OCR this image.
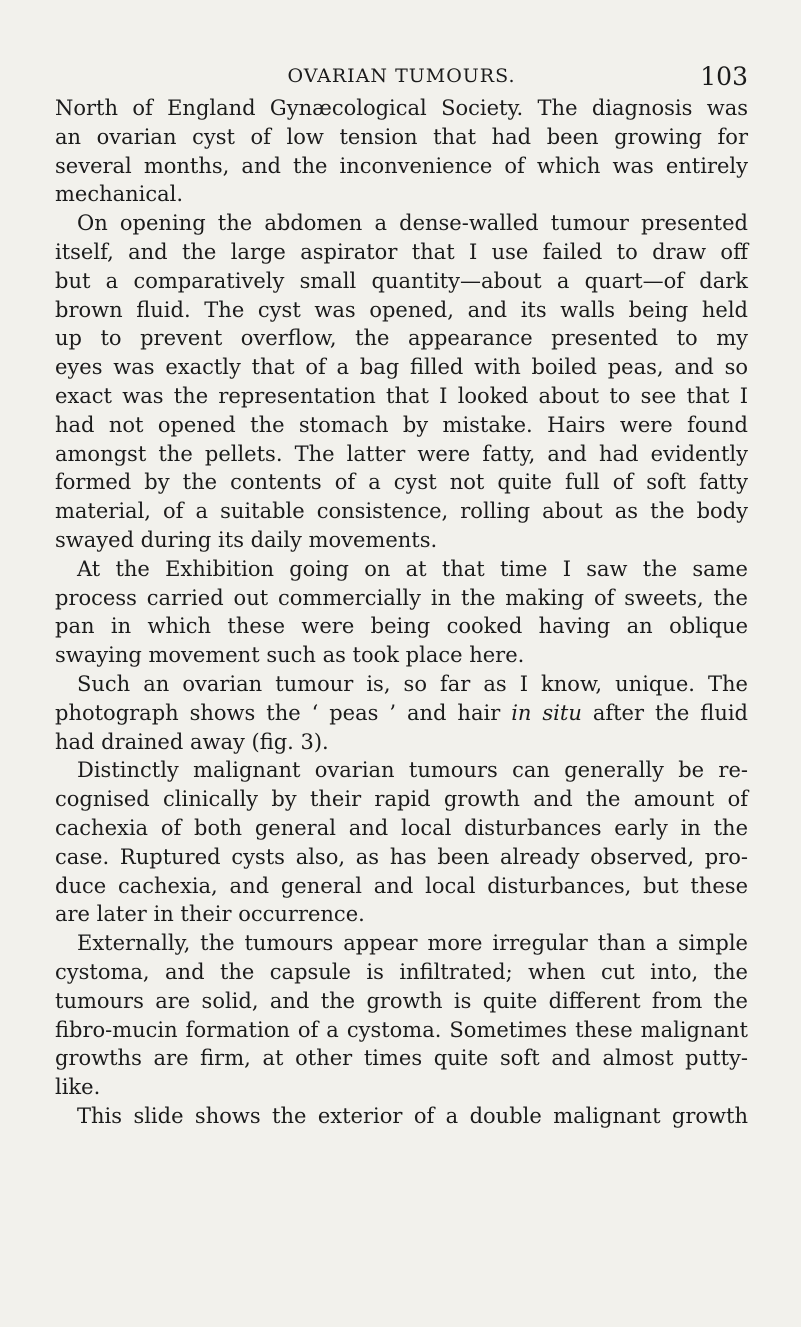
OVARIAN TUMOURS.	103

North of England Gynæcological Society. The diagnosis was
an ovarian cyst of low tension that had been growing for
several months, and the inconvenience of which was entirely
mechanical.

On opening the abdomen a dense-walled tumour presented
itself, and the large aspirator that I use failed to draw off
but a comparatively small quantity—about a quart—of dark
brown fluid. The cyst was opened, and its walls being held
up to prevent overflow, the appearance presented to my
eyes was exactly that of a bag filled with boiled peas, and so
exact was the representation that I looked about to see that I
had not opened the stomach by mistake. Hairs were found
amongst the pellets. The latter were fatty, and had evidently
formed by the contents of a cyst not quite full of soft fatty
material, of a suitable consistence, rolling about as the body
swayed during its daily movements.

At the Exhibition going on at that time I saw the same
process carried out commercially in the making of sweets, the
pan in which these were being cooked having an oblique
swaying movement such as took place here.

Such an ovarian tumour is, so far as I know, unique. The
photograph shows the ‘ peas ’ and hair in situ after the fluid
had drained away (fig. 3).

Distinctly malignant ovarian tumours can generally be re-
cognised clinically by their rapid growth and the amount of
cachexia of both general and local disturbances early in the
case. Ruptured cysts also, as has been already observed, pro-
duce cachexia, and general and local disturbances, but these
are later in their occurrence.

Externally, the tumours appear more irregular than a simple
cystoma, and the capsule is infiltrated; when cut into, the
tumours are solid, and the growth is quite different from the
fibro-mucin formation of a cystoma. Sometimes these malignant
growths are firm, at other times quite soft and almost putty-
like.

This slide shows the exterior of a double malignant growth
